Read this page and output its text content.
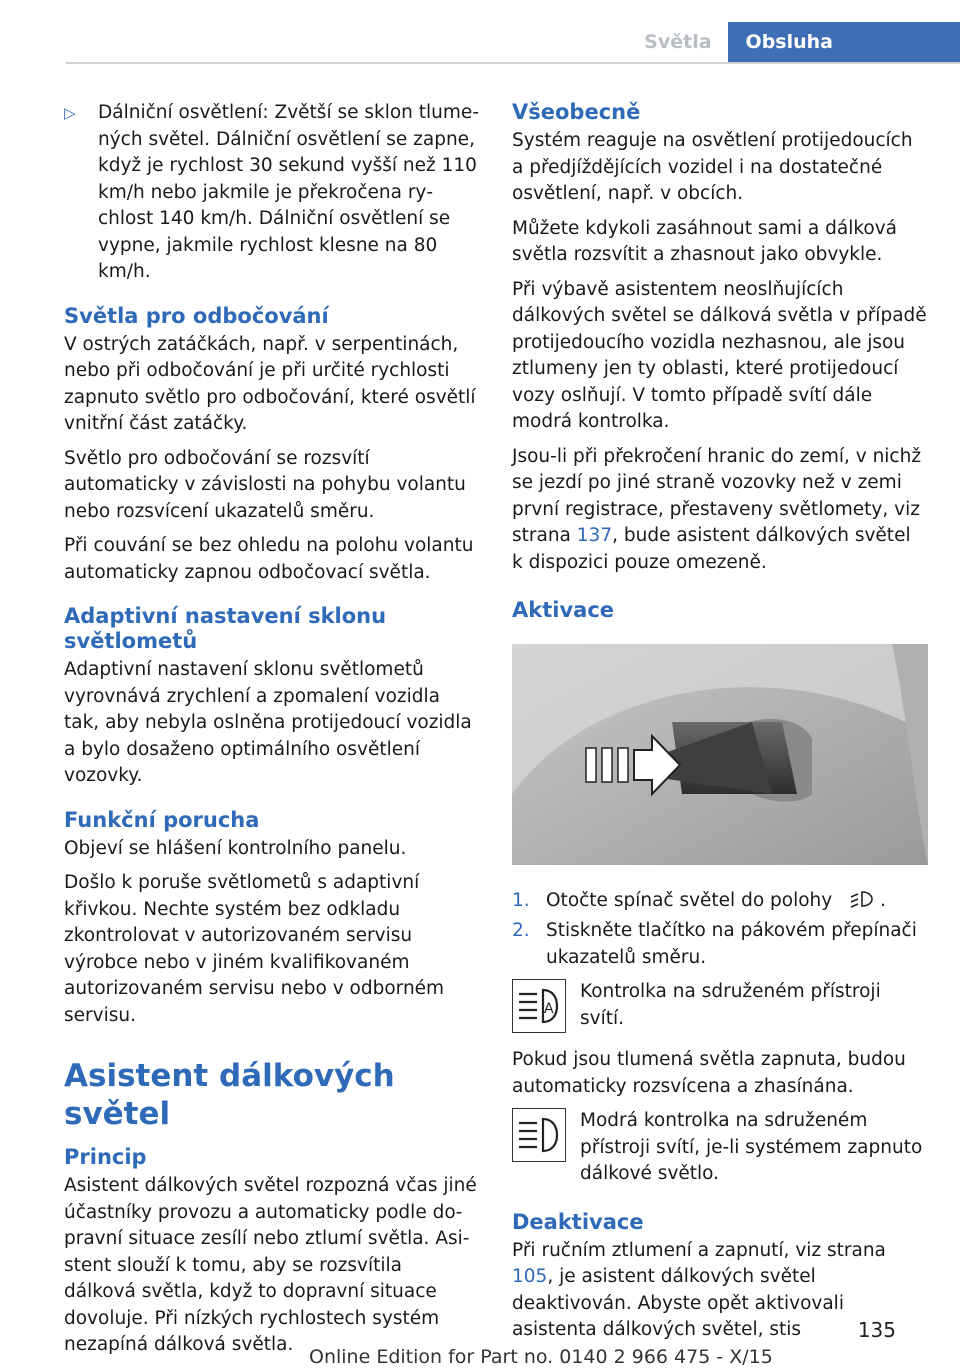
Světla	Obsluha
▷	Dálniční osvětlení: Zvětší se sklon tlumených světel. Dálniční osvětlení se zapne, když je rychlost 30 sekund vyšší než 110 km/h nebo jakmile je překročena rychlost 140 km/h. Dálniční osvětlení se vypne, jakmile rychlost klesne na 80 km/h.
Světla pro odbočování

V ostrých zatáčkách, např. v serpentinách, nebo při odbočování je při určité rychlosti zapnuto světlo pro odbočování, které osvětlí vnitřní část zatáčky.

Světlo pro odbočování se rozsvítí automaticky v závislosti na pohybu volantu nebo rozsvícení ukazatelů směru.

Při couvání se bez ohledu na polohu volantu automaticky zapnou odbočovací světla.

Adaptivní nastavení sklonu světlometů

Adaptivní nastavení sklonu světlometů vyrovnává zrychlení a zpomalení vozidla tak, aby nebyla oslněna protijedoucí vozidla a bylo dosaženo optimálního osvětlení vozovky.

Funkční porucha

Objeví se hlášení kontrolního panelu.

Došlo k poruše světlometů s adaptivní křivkou. Nechte systém bez odkladu zkontrolovat v autorizovaném servisu výrobce nebo v jiném kvalifikovaném autorizovaném servisu nebo v odborném servisu.

Asistent dálkových světel
Princip

Asistent dálkových světel rozpozná včas jiné účastníky provozu a automaticky podle dopravní situace zesílí nebo ztlumí světla. Asistent slouží k tomu, aby se rozsvítila dálková světla, když to dopravní situace dovoluje. Při nízkých rychlostech systém nezapíná dálková světla.

Všeobecně

Systém reaguje na osvětlení protijedoucích a předjíždějících vozidel i na dostatečné osvětlení, např. v obcích.

Můžete kdykoli zasáhnout sami a dálková světla rozsvítit a zhasnout jako obvykle.

Při výbavě asistentem neoslňujících dálkových světel se dálková světla v případě protijedoucího vozidla nezhasnou, ale jsou ztlumeny jen ty oblasti, které protijedoucí vozy oslňují. V tomto případě svítí dále modrá kontrolka.

Jsou-li při překročení hranic do zemí, v nichž se jezdí po jiné straně vozovky než v zemi první registrace, přestaveny světlomety, viz strana 137, bude asistent dálkových světel k dispozici pouze omezeně.

Aktivace
1. Otočte spínač světel do polohy	.
2. Stiskněte tlačítko na pákovém přepínači ukazatelů směru.
A
Kontrolka na sdruženém přístroji svítí.

Pokud jsou tlumená světla zapnuta, budou automaticky rozsvícena a zhasínána.

Modrá kontrolka na sdruženém přístroji svítí, je-li systémem zapnuto dálkové světlo.
Deaktivace

Při ručním ztlumení a zapnutí, viz strana 105, je asistent dálkových světel deaktivován. Abyste opět aktivovali asistenta dálkových světel, stis	135
Online Edition for Part no. 0140 2 966 475 - X/15
